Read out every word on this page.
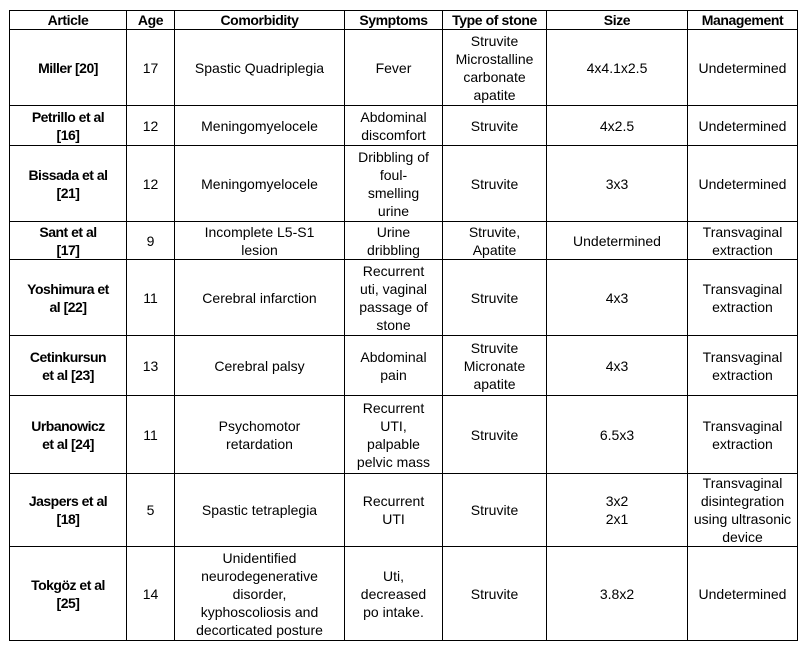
Article	Age	Comorbidity	Symptoms	Type of stone	Size	Management

Miller [20]	17	Spastic Quadriplegia	Fever	Struvite
Microstalline
carbonate
apatite	4x4.1x2.5	Undetermined

Petrillo et al
[16]	12	Meningomyelocele	Abdominal
discomfort	Struvite	4x2.5	Undetermined

Bissada et al
[21]	12	Meningomyelocele	Dribbling of
foul-
smelling
urine	Struvite	3x3	Undetermined

Sant et al
[17]	9	Incomplete L5-S1
lesion	Urine
dribbling	Struvite,
Apatite	Undetermined	Transvaginal
extraction

Yoshimura et
al [22]	11	Cerebral infarction	Recurrent
uti, vaginal
passage of
stone	Struvite	4x3	Transvaginal
extraction

Cetinkursun
et al [23]	13	Cerebral palsy	Abdominal
pain	Struvite
Micronate
apatite	4x3	Transvaginal
extraction

Urbanowicz
et al [24]	11	Psychomotor
retardation	Recurrent
UTI,
palpable
pelvic mass	Struvite	6.5x3	Transvaginal
extraction

Jaspers et al
[18]	5	Spastic tetraplegia	Recurrent
UTI	Struvite	3x2
2x1	Transvaginal
disintegration
using ultrasonic
device

Tokgöz et al
[25]	14	Unidentified
neurodegenerative
disorder,
kyphoscoliosis and
decorticated posture	Uti,
decreased
po intake.	Struvite	3.8x2	Undetermined
